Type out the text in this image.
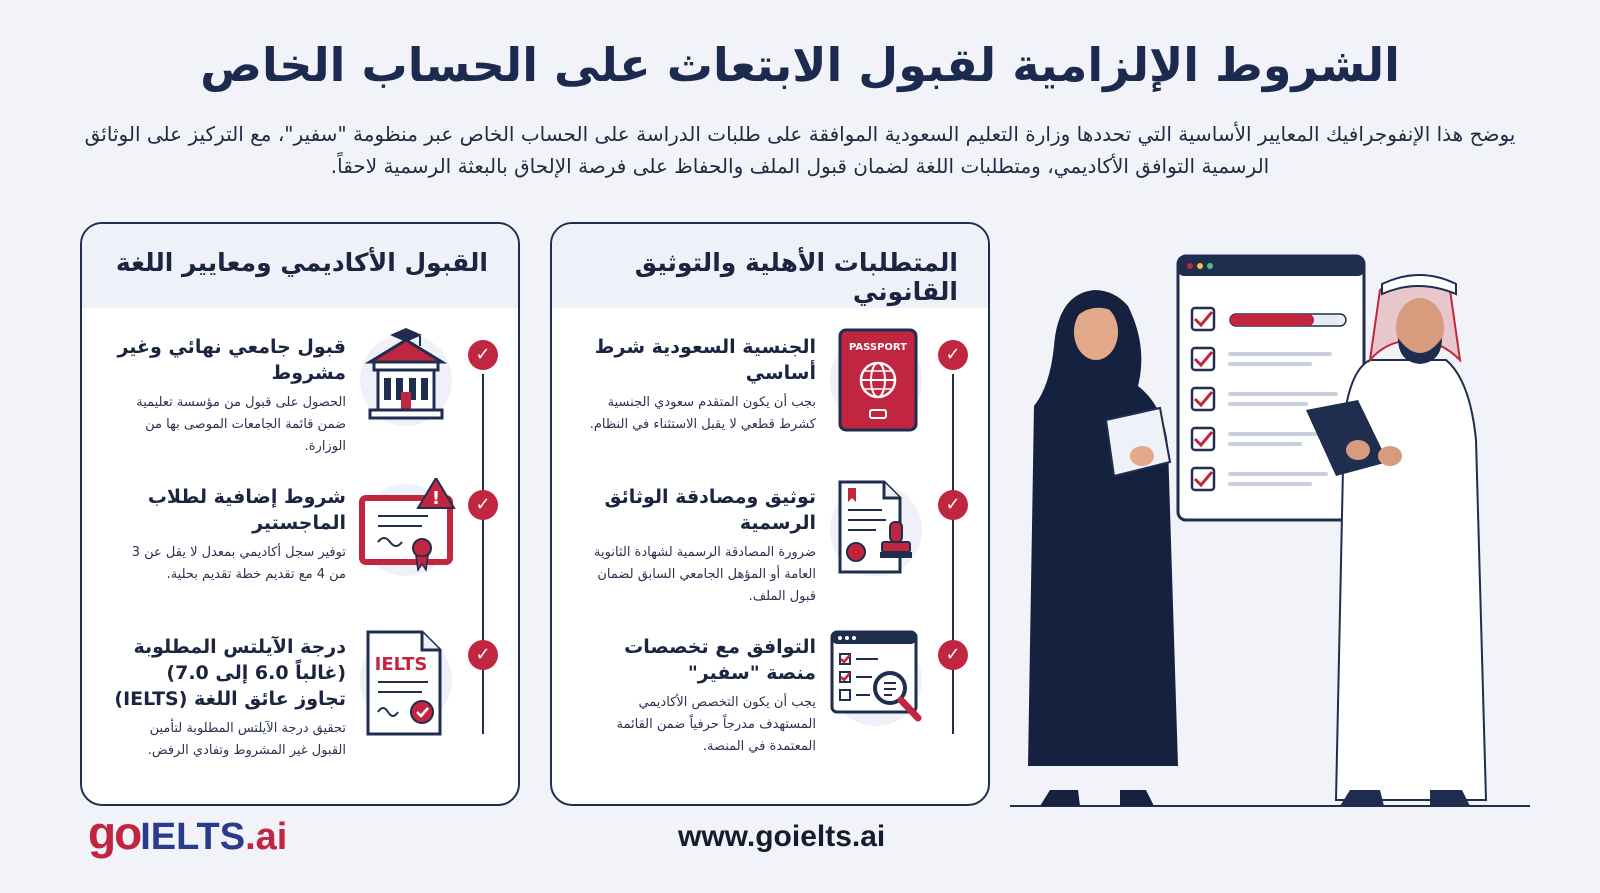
الشروط الإلزامية لقبول الابتعاث على الحساب الخاص
يوضح هذا الإنفوجرافيك المعايير الأساسية التي تحددها وزارة التعليم السعودية الموافقة على طلبات الدراسة على الحساب الخاص عبر منظومة "سفير"، مع التركيز على الوثائق الرسمية التوافق الأكاديمي، ومتطلبات اللغة لضمان قبول الملف والحفاظ على فرصة الإلحاق بالبعثة الرسمية لاحقاً.
القبول الأكاديمي ومعايير اللغة
✓
قبول جامعي نهائي وغير مشروط
الحصول على قبول من مؤسسة تعليمية ضمن قائمة الجامعات الموصى بها من الوزارة.
✓
!
شروط إضافية لطلاب الماجستير
توفير سجل أكاديمي بمعدل لا يقل عن 3 من 4 مع تقديم خطة تقديم بحلية.
✓
IELTS
درجة الآيلتس المطلوبة (غالباً 6.0 إلى 7.0) تجاوز عائق اللغة (IELTS)
تحقيق درجة الآيلتس المطلوبة لتأمين القبول غير المشروط وتفادي الرفض.
المتطلبات الأهلية والتوثيق القانوني
✓
PASSPORT
الجنسية السعودية شرط أساسي
بجب أن يكون المتقدم سعودي الجنسية كشرط قطعي لا يقبل الاستثناء في النظام.
✓
توثيق ومصادقة الوثائق الرسمية
ضرورة المصادقة الرسمية لشهادة الثانوية العامة أو المؤهل الجامعي السابق لضمان قبول الملف.
✓
التوافق مع تخصصات منصة "سفير"
يجب أن يكون التخصص الأكاديمي المستهدف مدرجاً حرفياً ضمن القائمة المعتمدة في المنصة.
goIELTS.ai	www.goielts.ai
